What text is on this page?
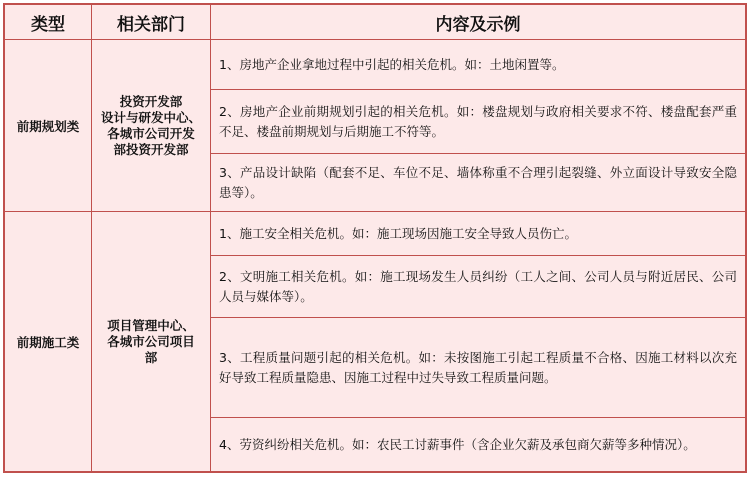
类型	相关部门	内容及示例
前期规划类
投资开发部
设计与研发中心、
各城市公司开发
部投资开发部
1、房地产企业拿地过程中引起的相关危机。如：土地闲置等。
2、房地产企业前期规划引起的相关危机。如：楼盘规划与政府相关要求不符、楼盘配套严重不足、楼盘前期规划与后期施工不符等。
3、产品设计缺陷（配套不足、车位不足、墙体称重不合理引起裂缝、外立面设计导致安全隐患等）。
前期施工类
项目管理中心、
各城市公司项目
部
1、施工安全相关危机。如：施工现场因施工安全导致人员伤亡。
2、文明施工相关危机。如：施工现场发生人员纠纷（工人之间、公司人员与附近居民、公司人员与媒体等）。
3、工程质量问题引起的相关危机。如：未按图施工引起工程质量不合格、因施工材料以次充好导致工程质量隐患、因施工过程中过失导致工程质量问题。
4、劳资纠纷相关危机。如：农民工讨薪事件（含企业欠薪及承包商欠薪等多种情况）。
